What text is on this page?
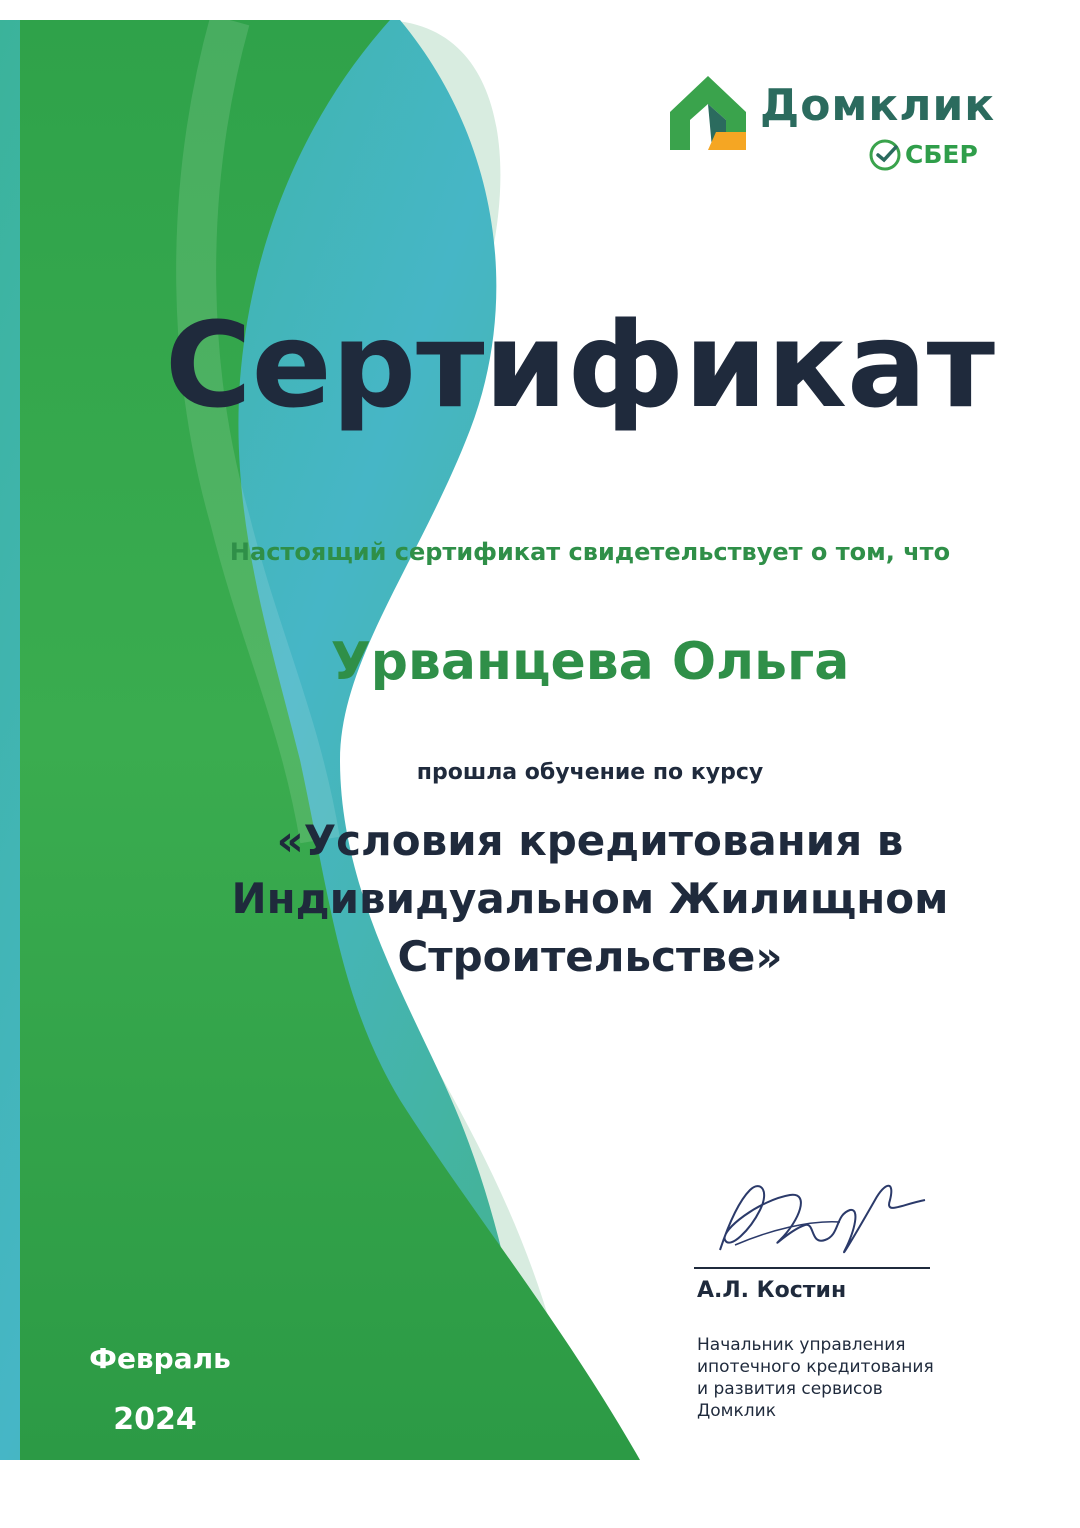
Домклик
СБЕР
Сертификат
Настоящий сертификат свидетельствует о том, что
Урванцева Ольга
прошла обучение по курсу
«Условия кредитования в
Индивидуальном Жилищном
Строительстве»
А.Л. Костин
Начальник управления
ипотечного кредитования
и развития сервисов
Домклик
Февраль
2024
